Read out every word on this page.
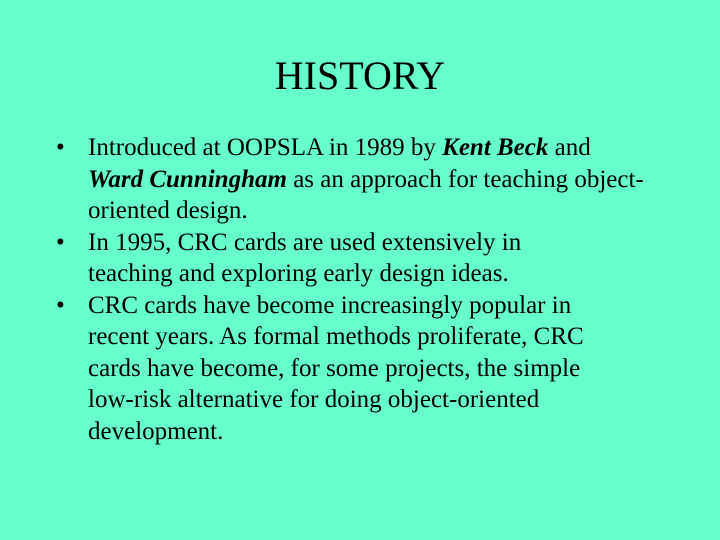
HISTORY
• Introduced at OOPSLA in 1989 by Kent Beck and
Ward Cunningham as an approach for teaching object-oriented design.
• In 1995, CRC cards are used extensively in
teaching and exploring early design ideas.
• CRC cards have become increasingly popular in
recent years. As formal methods proliferate, CRC
cards have become, for some projects, the simple
low-risk alternative for doing object-oriented
development.
